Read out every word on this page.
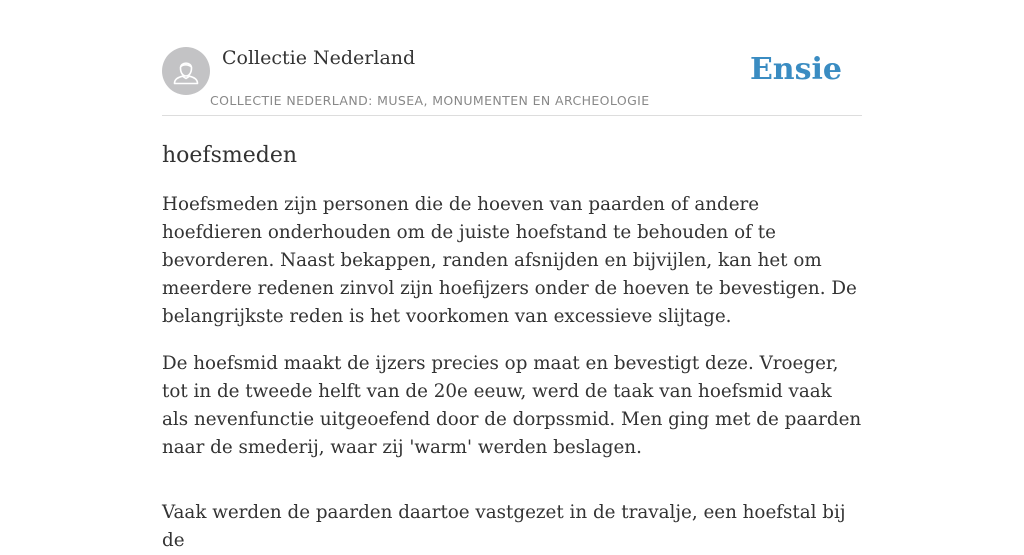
Collectie Nederland
COLLECTIE NEDERLAND: MUSEA, MONUMENTEN EN ARCHEOLOGIE
Ensie
hoefsmeden

Hoefsmeden zijn personen die de hoeven van paarden of andere hoefdieren onderhouden om de juiste hoefstand te behouden of te bevorderen. Naast bekappen, randen afsnijden en bijvijlen, kan het om meerdere redenen zinvol zijn hoefijzers onder de hoeven te bevestigen. De belangrijkste reden is het voorkomen van excessieve slijtage.

De hoefsmid maakt de ijzers precies op maat en bevestigt deze. Vroeger, tot in de tweede helft van de 20e eeuw, werd de taak van hoefsmid vaak als nevenfunctie uitgeoefend door de dorpssmid. Men ging met de paarden naar de smederij, waar zij 'warm' werden beslagen.

Vaak werden de paarden daartoe vastgezet in de travalje, een hoefstal bij de
